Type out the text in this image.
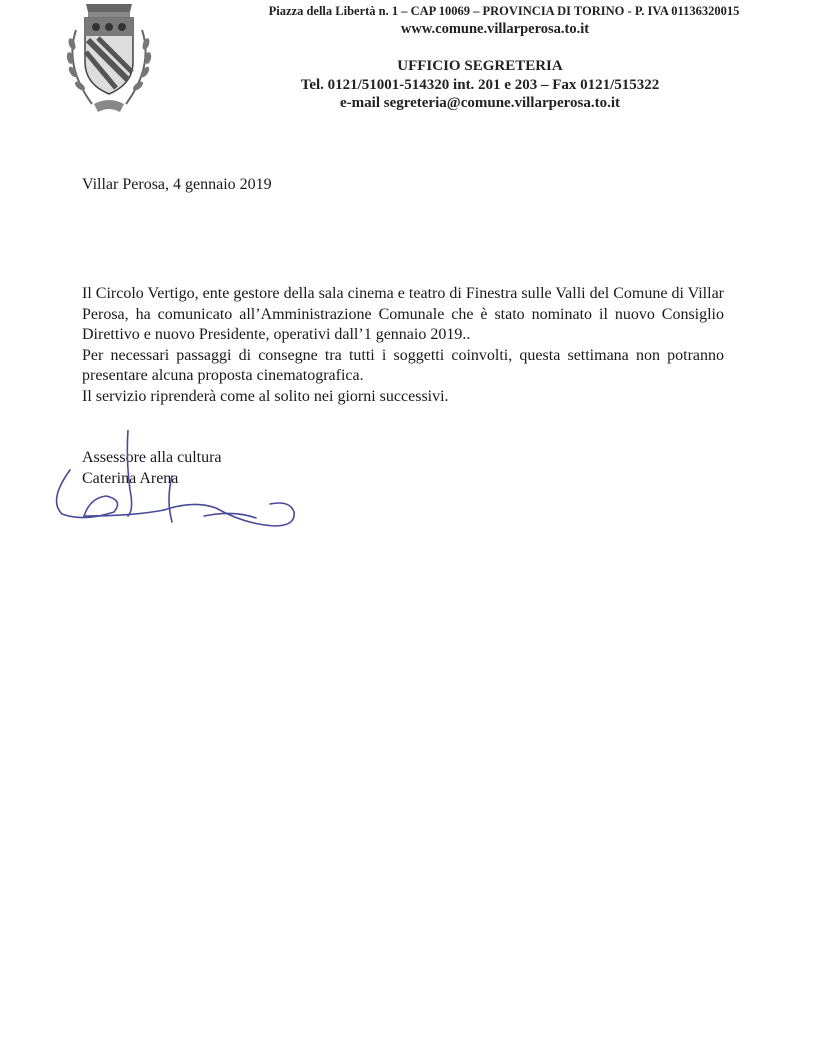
Piazza della Libertà n. 1 – CAP 10069 – PROVINCIA DI TORINO - P. IVA 01136320015
www.comune.villarperosa.to.it
UFFICIO SEGRETERIA
Tel. 0121/51001-514320 int. 201 e 203 – Fax 0121/515322
e-mail segreteria@comune.villarperosa.to.it
Villar Perosa, 4 gennaio 2019

Il Circolo Vertigo, ente gestore della sala cinema e teatro di Finestra sulle Valli del Comune di Villar Perosa, ha comunicato all’Amministrazione Comunale che è stato nominato il nuovo Consiglio Direttivo e nuovo Presidente, operativi dall’1 gennaio 2019..

Per necessari passaggi di consegne tra tutti i soggetti coinvolti, questa settimana non potranno presentare alcuna proposta cinematografica.

Il servizio riprenderà come al solito nei giorni successivi.

Assessore alla cultura
Caterina Arena
